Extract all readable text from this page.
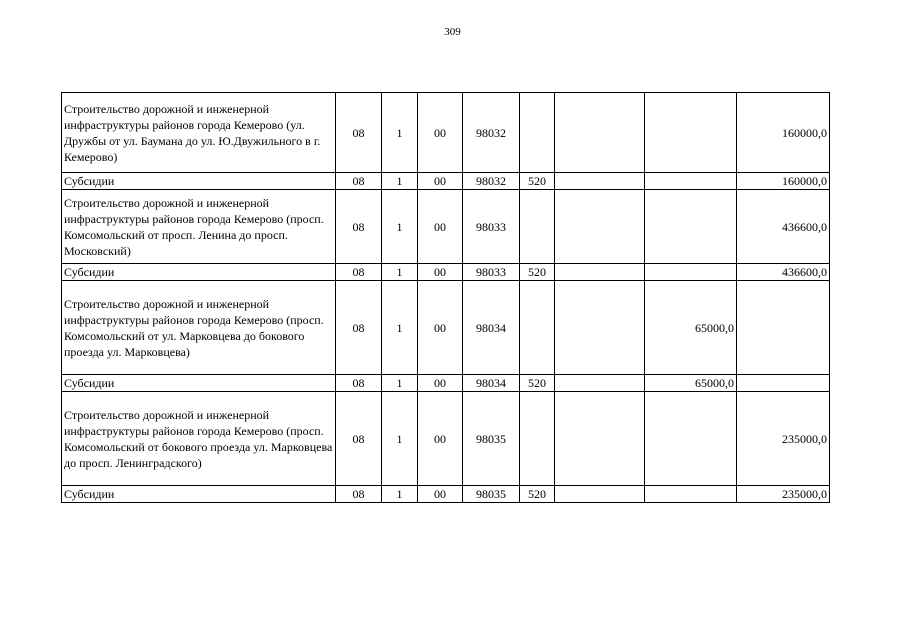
309
Строительство дорожной и инженерной инфраструктуры районов города Кемерово (ул. Дружбы от ул. Баумана до ул. Ю.Двужильного в г. Кемерово)	08	1	00	98032				160000,0
Субсидии	08	1	00	98032	520			160000,0
Строительство дорожной и инженерной инфраструктуры районов города Кемерово (просп. Комсомольский от просп. Ленина до просп. Московский)	08	1	00	98033				436600,0
Субсидии	08	1	00	98033	520			436600,0
Строительство дорожной и инженерной инфраструктуры районов города Кемерово (просп. Комсомольский от ул. Марковцева до бокового проезда ул. Марковцева)	08	1	00	98034			65000,0	
Субсидии	08	1	00	98034	520		65000,0	
Строительство дорожной и инженерной инфраструктуры районов города Кемерово (просп. Комсомольский от бокового проезда ул. Марковцева до просп. Ленинградского)	08	1	00	98035				235000,0
Субсидии	08	1	00	98035	520			235000,0
